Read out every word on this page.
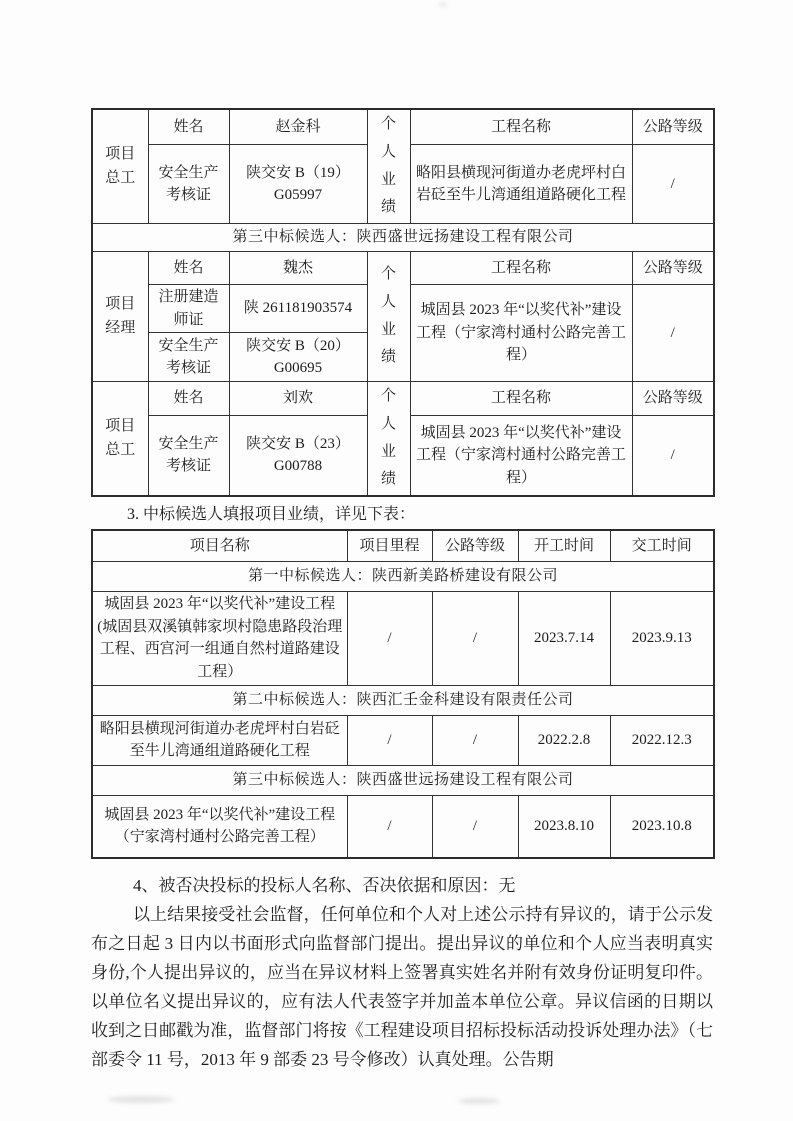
项目总工	姓名	赵金科	个人业绩	工程名称	公路等级
	安全生产考核证	陕交安 B（19）G05997		略阳县横现河街道办老虎坪村白岩砭至牛儿湾通组道路硬化工程	/
第三中标候选人：陕西盛世远扬建设工程有限公司					
项目经理	姓名	魏杰	个人业绩	工程名称	公路等级
	注册建造师证	陕 261181903574		城固县 2023 年“以奖代补”建设工程（宁家湾村通村公路完善工程）	/
	安全生产考核证	陕交安 B（20）G00695			
项目总工	姓名	刘欢	个人业绩	工程名称	公路等级
	安全生产考核证	陕交安 B（23）G00788		城固县 2023 年“以奖代补”建设工程（宁家湾村通村公路完善工程）	/

3. 中标候选人填报项目业绩，详见下表：

项目名称	项目里程	公路等级	开工时间	交工时间
第一中标候选人：陕西新美路桥建设有限公司				
城固县 2023 年“以奖代补”建设工程(城固县双溪镇韩家坝村隐患路段治理工程、西宫河一组通自然村道路建设工程）	/	/	2023.7.14	2023.9.13
第二中标候选人：陕西汇壬金科建设有限责任公司				
略阳县横现河街道办老虎坪村白岩砭至牛儿湾通组道路硬化工程	/	/	2022.2.8	2022.12.3
第三中标候选人：陕西盛世远扬建设工程有限公司				
城固县 2023 年“以奖代补”建设工程（宁家湾村通村公路完善工程）	/	/	2023.8.10	2023.10.8

4、被否决投标的投标人名称、否决依据和原因：无

以上结果接受社会监督，任何单位和个人对上述公示持有异议的，请于公示发布之日起 3 日内以书面形式向监督部门提出。提出异议的单位和个人应当表明真实身份,个人提出异议的，应当在异议材料上签署真实姓名并附有效身份证明复印件。以单位名义提出异议的，应有法人代表签字并加盖本单位公章。异议信函的日期以收到之日邮戳为准，监督部门将按《工程建设项目招标投标活动投诉处理办法》（七部委令 11 号，2013 年 9 部委 23 号令修改）认真处理。公告期
